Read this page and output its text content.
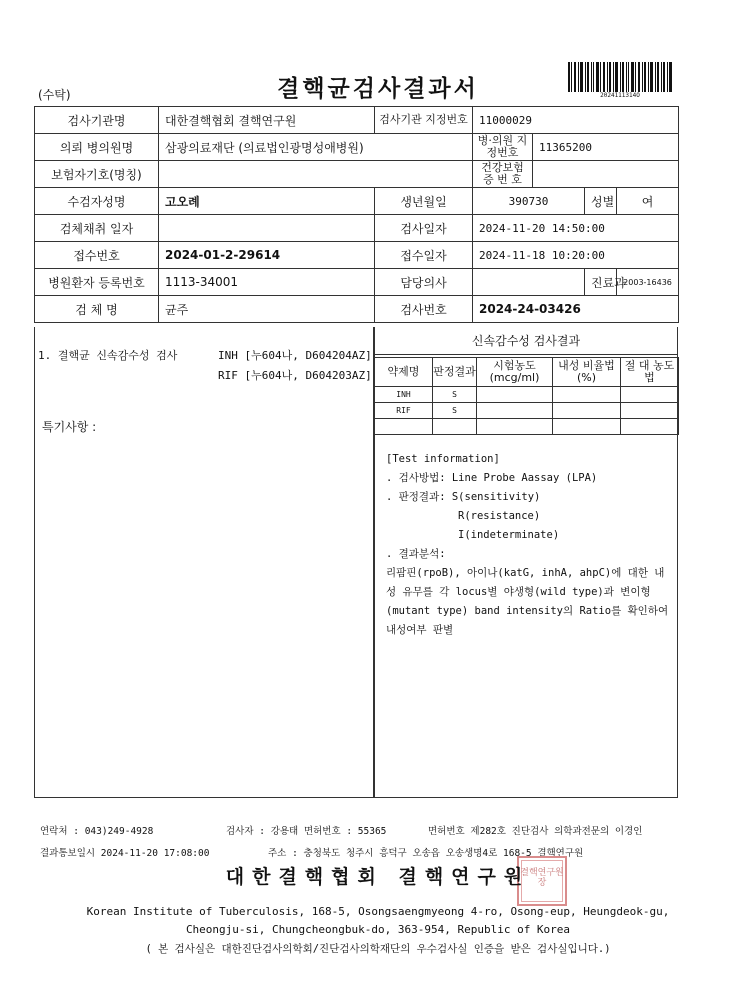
(수탁)	결핵균검사결과서	2024111314O
검사기관명	대한결핵협회 결핵연구원	검사기관 지정번호	11000029			
의뢰 병의원명	삼광의료재단 (의료법인광명성애병원)		병·의원 지정번호	11365200		
보험자기호(명칭)			건강보험 증 번 호			
수검자성명	고오례	생년월일	390730		성별	여
검체채취 일자		검사일자	2024-11-20 14:50:00			
접수번호	2024-01-2-29614	접수일자	2024-11-18 10:20:00			
병원환자 등록번호	1113-34001	담당의사			진료과	2003-16436
검 체 명	균주	검사번호	2024-24-03426			
1. 결핵균 신속감수성 검사	INH [누604나, D604204AZ]
RIF [누604나, D604203AZ]
특기사항 :
신속감수성 검사결과
약제명	판정결과	시험농도 (mcg/ml)	내성 비율법(%)	절 대 농도법
INH	S			
RIF	S			

[Test information]
. 검사방법: Line Probe Aassay (LPA)
. 판정결과: S(sensitivity)
R(resistance)
I(indeterminate)
. 결과분석:
리팜핀(rpoB), 아이나(katG, inhA, ahpC)에 대한 내성 유무를 각 locus별 야생형(wild type)과 변이형(mutant type) band intensity의 Ratio를 확인하여 내성여부 판별
연락처 : 043)249-4928	검사자 : 강용태 면허번호 : 55365	면허번호 제282호 진단검사 의학과전문의 이경인
결과통보일시 2024-11-20 17:08:00	주소 : 충청북도 청주시 흥덕구 오송읍 오송생명4로 168-5 결핵연구원
결핵연구원장
대한결핵협회 결핵연구원
Korean Institute of Tuberculosis, 168-5, Osongsaengmyeong 4-ro, Osong-eup, Heungdeok-gu,
Cheongju-si, Chungcheongbuk-do, 363-954, Republic of Korea
( 본 검사실은 대한진단검사의학회/진단검사의학재단의 우수검사실 인증을 받은 검사실입니다.)
